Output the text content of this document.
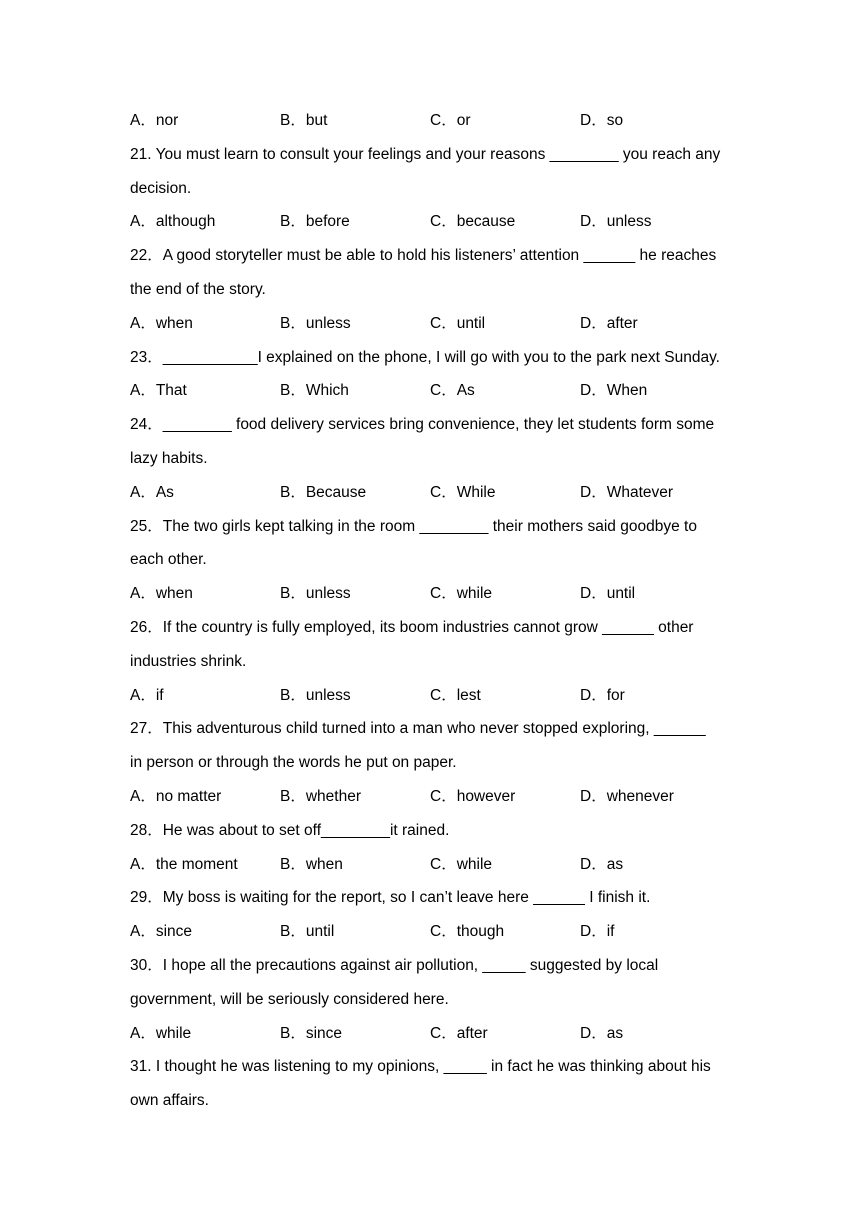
A．nor	B．but	C．or	D．so
21. You must learn to consult your feelings and your reasons ________ you reach any
decision.
A．although	B．before	C．because	D．unless
22．A good storyteller must be able to hold his listeners’ attention ______ he reaches
the end of the story.
A．when	B．unless	C．until	D．after
23．___________I explained on the phone, I will go with you to the park next Sunday.
A．That	B．Which	C．As	D．When
24．________ food delivery services bring convenience, they let students form some
lazy habits.
A．As	B．Because	C．While	D．Whatever
25．The two girls kept talking in the room ________ their mothers said goodbye to
each other.
A．when	B．unless	C．while	D．until
26．If the country is fully employed, its boom industries cannot grow ______ other
industries shrink.
A．if	B．unless	C．lest	D．for
27．This adventurous child turned into a man who never stopped exploring, ______
in person or through the words he put on paper.
A．no matter	B．whether	C．however	D．whenever
28．He was about to set off________it rained.
A．the moment	B．when	C．while	D．as
29．My boss is waiting for the report, so I can’t leave here ______ I finish it.
A．since	B．until	C．though	D．if
30．I hope all the precautions against air pollution, _____ suggested by local
government, will be seriously considered here.
A．while	B．since	C．after	D．as
31. I thought he was listening to my opinions, _____ in fact he was thinking about his
own affairs.
